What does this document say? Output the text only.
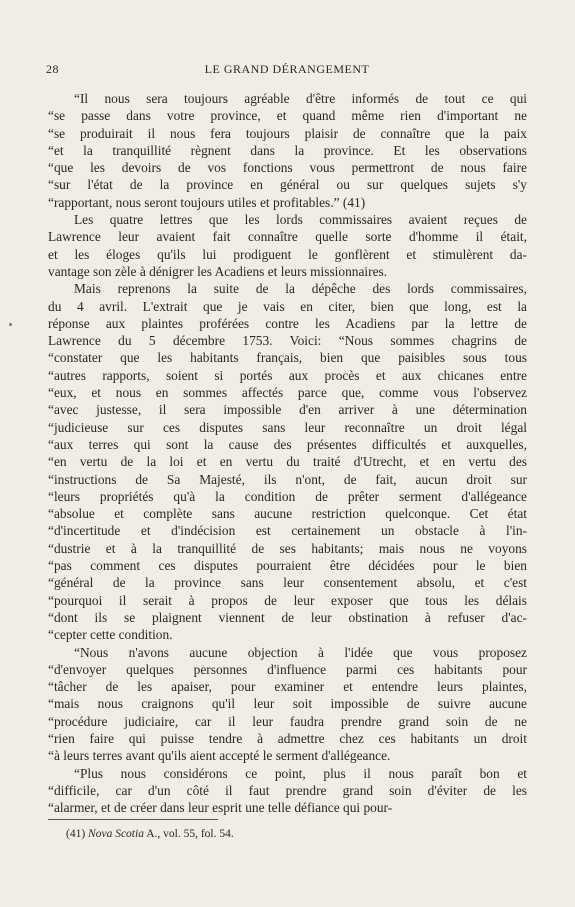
28	LE GRAND DÉRANGEMENT
“Il nous sera toujours agréable d'être informés de tout ce qui
“se passe dans votre province, et quand même rien d'important ne
“se produirait il nous fera toujours plaisir de connaître que la paix
“et la tranquillité règnent dans la province. Et les observations
“que les devoirs de vos fonctions vous permettront de nous faire
“sur l'état de la province en général ou sur quelques sujets s'y
“rapportant, nous seront toujours utiles et profitables.” (41)
Les quatre lettres que les lords commissaires avaient reçues de
Lawrence leur avaient fait connaître quelle sorte d'homme il était,
et les éloges qu'ils lui prodiguent le gonflèrent et stimulèrent da-
vantage son zèle à dénigrer les Acadiens et leurs missionnaires.
Mais reprenons la suite de la dépêche des lords commissaires,
du 4 avril. L'extrait que je vais en citer, bien que long, est la
réponse aux plaintes proférées contre les Acadiens par la lettre de
Lawrence du 5 décembre 1753. Voici: “Nous sommes chagrins de
“constater que les habitants français, bien que paisibles sous tous
“autres rapports, soient si portés aux procès et aux chicanes entre
“eux, et nous en sommes affectés parce que, comme vous l'observez
“avec justesse, il sera impossible d'en arriver à une détermination
“judicieuse sur ces disputes sans leur reconnaître un droit légal
“aux terres qui sont la cause des présentes difficultés et auxquelles,
“en vertu de la loi et en vertu du traité d'Utrecht, et en vertu des
“instructions de Sa Majesté, ils n'ont, de fait, aucun droit sur
“leurs propriétés qu'à la condition de prêter serment d'allégeance
“absolue et complète sans aucune restriction quelconque. Cet état
“d'incertitude et d'indécision est certainement un obstacle à l'in-
“dustrie et à la tranquillité de ses habitants; mais nous ne voyons
“pas comment ces disputes pourraient être décidées pour le bien
“général de la province sans leur consentement absolu, et c'est
“pourquoi il serait à propos de leur exposer que tous les délais
“dont ils se plaignent viennent de leur obstination à refuser d'ac-
“cepter cette condition.
“Nous n'avons aucune objection à l'idée que vous proposez
“d'envoyer quelques personnes d'influence parmi ces habitants pour
“tâcher de les apaiser, pour examiner et entendre leurs plaintes,
“mais nous craignons qu'il leur soit impossible de suivre aucune
“procédure judiciaire, car il leur faudra prendre grand soin de ne
“rien faire qui puisse tendre à admettre chez ces habitants un droit
“à leurs terres avant qu'ils aient accepté le serment d'allégeance.
“Plus nous considérons ce point, plus il nous paraît bon et
“difficile, car d'un côté il faut prendre grand soin d'éviter de les
“alarmer, et de créer dans leur esprit une telle défiance qui pour-
(41) Nova Scotia A., vol. 55, fol. 54.
